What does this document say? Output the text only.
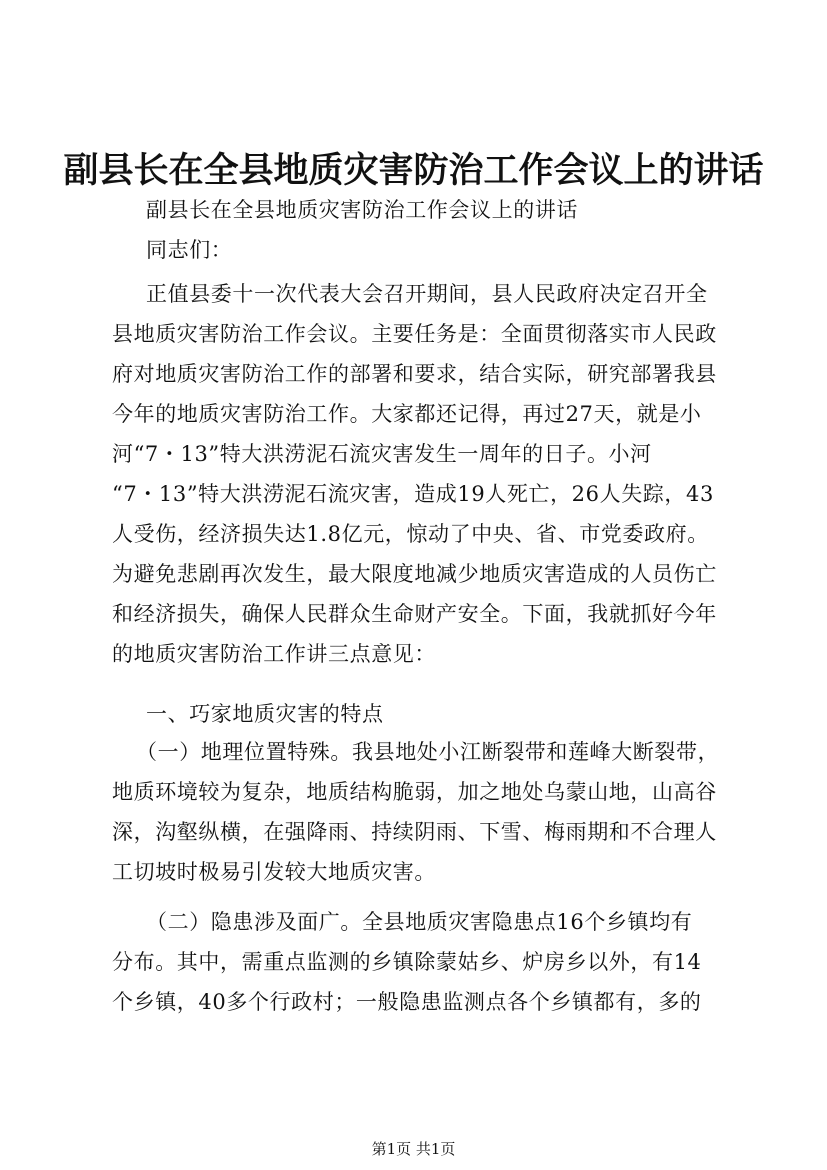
副县长在全县地质灾害防治工作会议上的讲话
副县长在全县地质灾害防治工作会议上的讲话
同志们：
正值县委十一次代表大会召开期间，县人民政府决定召开全
县地质灾害防治工作会议。主要任务是：全面贯彻落实市人民政
府对地质灾害防治工作的部署和要求，结合实际，研究部署我县
今年的地质灾害防治工作。大家都还记得，再过27天，就是小
河“7・13”特大洪涝泥石流灾害发生一周年的日子。小河
“7・13”特大洪涝泥石流灾害，造成19人死亡，26人失踪，43
人受伤，经济损失达1.8亿元，惊动了中央、省、市党委政府。
为避免悲剧再次发生，最大限度地减少地质灾害造成的人员伤亡
和经济损失，确保人民群众生命财产安全。下面，我就抓好今年
的地质灾害防治工作讲三点意见：
一、巧家地质灾害的特点
（一）地理位置特殊。我县地处小江断裂带和莲峰大断裂带，
地质环境较为复杂，地质结构脆弱，加之地处乌蒙山地，山高谷
深，沟壑纵横，在强降雨、持续阴雨、下雪、梅雨期和不合理人
工切坡时极易引发较大地质灾害。
（二）隐患涉及面广。全县地质灾害隐患点16个乡镇均有
分布。其中，需重点监测的乡镇除蒙姑乡、炉房乡以外，有14
个乡镇，40多个行政村；一般隐患监测点各个乡镇都有，多的
第1页 共1页
